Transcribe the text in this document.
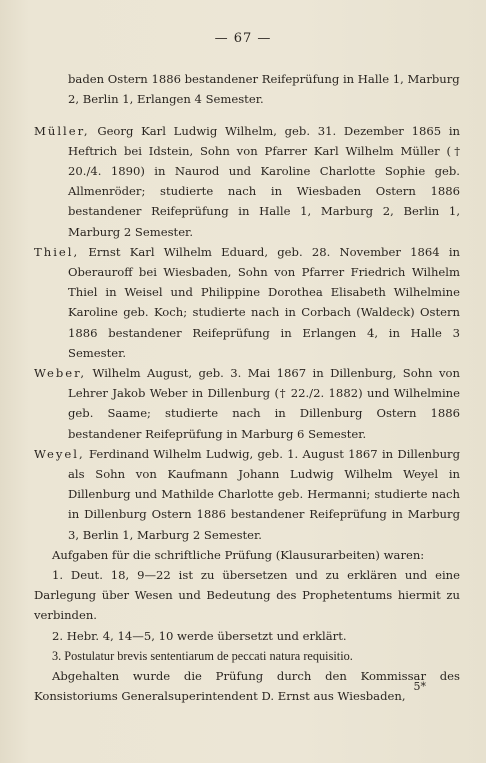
— 67 —

baden Ostern 1886 bestandener Reifeprüfung in Halle 1, Marburg 2, Berlin 1, Erlangen 4 Semester.

Müller, Georg Karl Ludwig Wilhelm, geb. 31. Dezember 1865 in Heftrich bei Idstein, Sohn von Pfarrer Karl Wilhelm Müller († 20./4. 1890) in Naurod und Karoline Charlotte Sophie geb. Allmenröder; studierte nach in Wiesbaden Ostern 1886 bestandener Reifeprüfung in Halle 1, Marburg 2, Berlin 1, Marburg 2 Semester.

Thiel, Ernst Karl Wilhelm Eduard, geb. 28. November 1864 in Oberauroff bei Wiesbaden, Sohn von Pfarrer Friedrich Wilhelm Thiel in Weisel und Philippine Dorothea Elisabeth Wilhelmine Karoline geb. Koch; studierte nach in Corbach (Waldeck) Ostern 1886 bestandener Reifeprüfung in Erlangen 4, in Halle 3 Semester.

Weber, Wilhelm August, geb. 3. Mai 1867 in Dillenburg, Sohn von Lehrer Jakob Weber in Dillenburg († 22./2. 1882) und Wilhelmine geb. Saame; studierte nach in Dillenburg Ostern 1886 bestandener Reifeprüfung in Marburg 6 Semester.

Weyel, Ferdinand Wilhelm Ludwig, geb. 1. August 1867 in Dillenburg als Sohn von Kaufmann Johann Ludwig Wilhelm Weyel in Dillenburg und Mathilde Charlotte geb. Hermanni; studierte nach in Dillenburg Ostern 1886 bestandener Reifeprüfung in Marburg 3, Berlin 1, Marburg 2 Semester.

Aufgaben für die schriftliche Prüfung (Klausurarbeiten) waren:

1. Deut. 18, 9—22 ist zu übersetzen und zu erklären und eine Darlegung über Wesen und Bedeutung des Prophetentums hiermit zu verbinden.

2. Hebr. 4, 14—5, 10 werde übersetzt und erklärt.

3. Postulatur brevis sententiarum de peccati natura requisitio.

Abgehalten wurde die Prüfung durch den Kommissar des Konsistoriums Generalsuperintendent D. Ernst aus Wiesbaden,

5*
